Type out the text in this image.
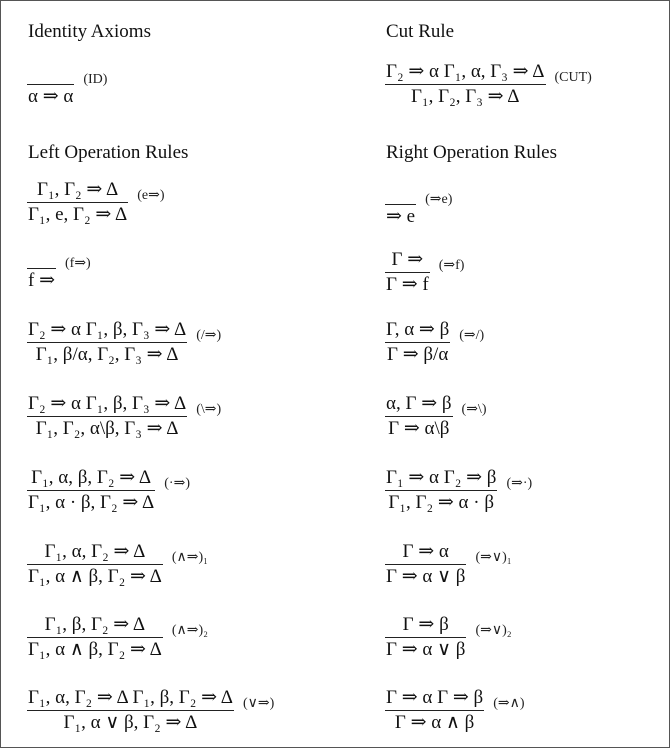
Identity Axioms	Cut Rule
Left Operation Rules	Right Operation Rules
α ⇒ α
(ID)
$\frac{\text{Γ₁, Γ₂ ⇒ Δ}}{\text{Γ₁, e, Γ₂ ⇒ Δ}}$ (e⇒)
f ⇒
(f⇒)
$\frac{\text{Γ₂ ⇒ α Γ₁, β, Γ₃ ⇒ Δ}}{\text{Γ₁, β/α, Γ₂, Γ₃ ⇒ Δ}}$ (/⇒)
$\frac{\text{Γ₂ ⇒ α Γ₁, β, Γ₃ ⇒ Δ}}{\text{Γ₁, Γ₂, α\textbackslash{}β, Γ₃ ⇒ Δ}}$ (\⇒)
$\frac{\text{Γ₁, α, β, Γ₂ ⇒ Δ}}{\text{Γ₁, α · β, Γ₂ ⇒ Δ}}$ (·⇒)
$\frac{\text{Γ₁, α, Γ₂ ⇒ Δ}}{\text{Γ₁, α ∧ β, Γ₂ ⇒ Δ}}$ (∧⇒)₁
$\frac{\text{Γ₁, β, Γ₂ ⇒ Δ}}{\text{Γ₁, α ∧ β, Γ₂ ⇒ Δ}}$ (∧⇒)₂
$\frac{\text{Γ₁, α, Γ₂ ⇒ Δ Γ₁, β, Γ₂ ⇒ Δ}}{\text{Γ₁, α ∨ β, Γ₂ ⇒ Δ}}$ (∨⇒)
$\frac{\text{Γ₂ ⇒ α Γ₁, α, Γ₃ ⇒ Δ}}{\text{Γ₁, Γ₂, Γ₃ ⇒ Δ}} (CUT)$
⇒ e
(⇒e)
$\frac{\Gamma \Rightarrow}{\Gamma \Rightarrow f}$ (⇒f)
$\frac{\Gamma, \alpha \Rightarrow \beta}{\Gamma \Rightarrow \beta/\alpha}$ (⇒/)
$\frac{\alpha, \Gamma \Rightarrow \beta}{\Gamma \Rightarrow \alpha\backslash\beta}$ (⇒\)
$\frac{\text{Γ₁ ⇒ α Γ₂ ⇒ β}}{\text{Γ₁, Γ₂ ⇒ α · β}}$ (⇒·)
$\frac{\Gamma \Rightarrow \alpha}{\Gamma \Rightarrow \alpha \vee \beta}$ (⇒∨)₁
$\frac{\Gamma \Rightarrow \beta}{\Gamma \Rightarrow \alpha \vee \beta}$ (⇒∨)₂
$\frac{\text{Γ ⇒ α Γ ⇒ β}}{\Gamma \Rightarrow \alpha \wedge \beta}$ (⇒∧)
